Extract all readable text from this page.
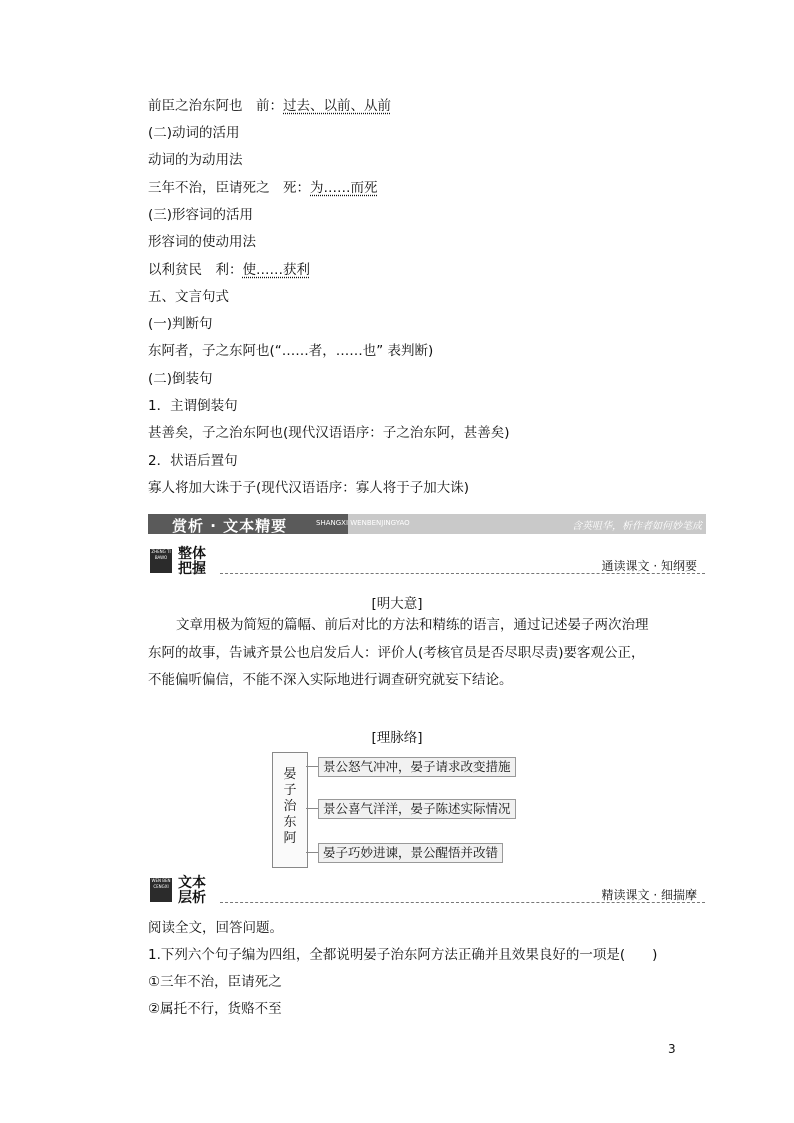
前臣之治东阿也　前：过去、以前、从前
(二)动词的活用
动词的为动用法
三年不治，臣请死之　死：为……而死
(三)形容词的活用
形容词的使动用法
以利贫民　利：使……获利
五、文言句式
(一)判断句
东阿者，子之东阿也(“……者，……也” 表判断)
(二)倒装句
1．主谓倒装句
甚善矣，子之治东阿也(现代汉语语序：子之治东阿，甚善矣)
2．状语后置句
寡人将加大诛于子(现代汉语语序：寡人将于子加大诛)
赏析 · 文本精要	SHANGXI WENBENJINGYAO	含英咀华，析作者如何妙笔成文
ZHENG TI BAWO 整体
把握	通读课文 · 知纲要
[明大意]
文章用极为简短的篇幅、前后对比的方法和精练的语言，通过记述晏子两次治理东阿的故事，告诫齐景公也启发后人：评价人(考核官员是否尽职尽责)要客观公正，不能偏听偏信，不能不深入实际地进行调查研究就妄下结论。
[理脉络]
晏
子
治
东
阿
景公怒气冲冲，晏子请求改变措施
景公喜气洋洋，晏子陈述实际情况
晏子巧妙进谏，景公醒悟并改错
WEN BEN CENGXI 文本
层析	精读课文 · 细揣摩
阅读全文，回答问题。
1.下列六个句子编为四组，全都说明晏子治东阿方法正确并且效果良好的一项是(　　)
①三年不治，臣请死之
②属托不行，货赂不至
3
